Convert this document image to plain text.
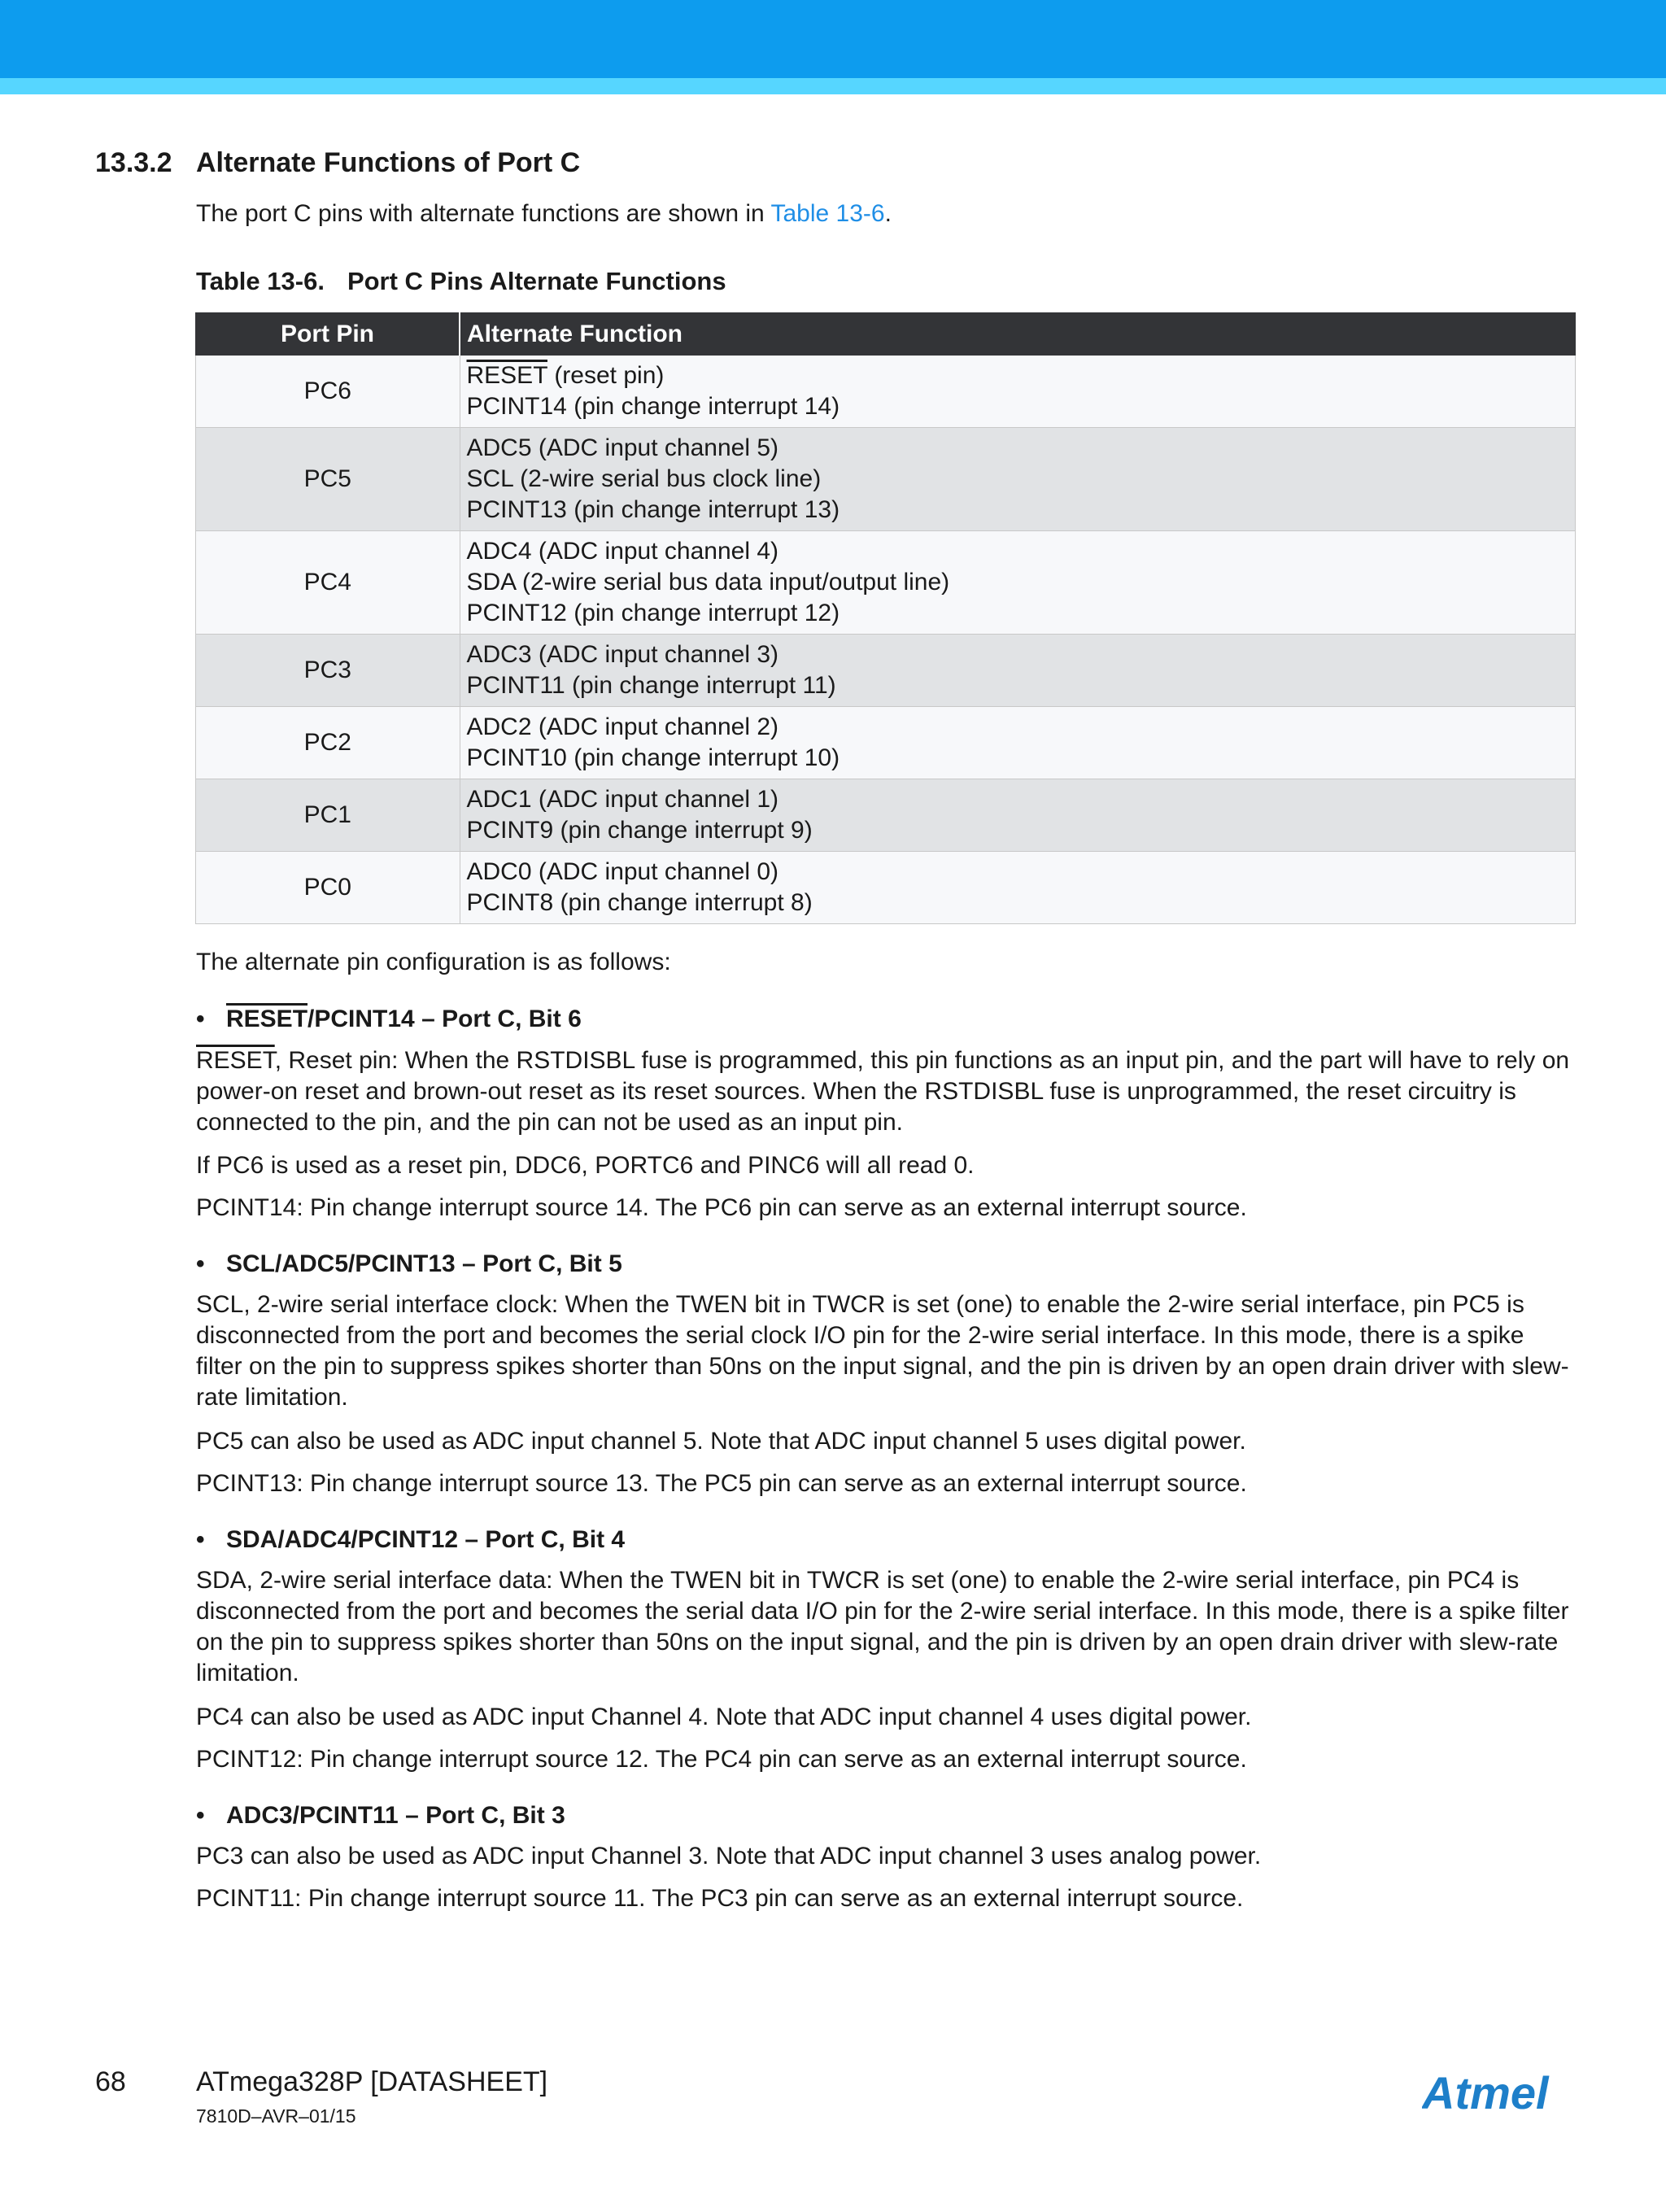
13.3.2 Alternate Functions of Port C
The port C pins with alternate functions are shown in Table 13-6.
Table 13-6. Port C Pins Alternate Functions
Port Pin	Alternate Function
PC6	RESET (reset pin)
PCINT14 (pin change interrupt 14)

PC5	ADC5 (ADC input channel 5)
SCL (2-wire serial bus clock line)
PCINT13 (pin change interrupt 13)

PC4	ADC4 (ADC input channel 4)
SDA (2-wire serial bus data input/output line)
PCINT12 (pin change interrupt 12)

PC3	ADC3 (ADC input channel 3)
PCINT11 (pin change interrupt 11)

PC2	ADC2 (ADC input channel 2)
PCINT10 (pin change interrupt 10)

PC1	ADC1 (ADC input channel 1)
PCINT9 (pin change interrupt 9)

PC0	ADC0 (ADC input channel 0)
PCINT8 (pin change interrupt 8)
The alternate pin configuration is as follows:
• RESET/PCINT14 – Port C, Bit 6
RESET, Reset pin: When the RSTDISBL fuse is programmed, this pin functions as an input pin, and the part will have to rely on power-on reset and brown-out reset as its reset sources. When the RSTDISBL fuse is unprogrammed, the reset circuitry is connected to the pin, and the pin can not be used as an input pin.
If PC6 is used as a reset pin, DDC6, PORTC6 and PINC6 will all read 0.
PCINT14: Pin change interrupt source 14. The PC6 pin can serve as an external interrupt source.
• SCL/ADC5/PCINT13 – Port C, Bit 5
SCL, 2-wire serial interface clock: When the TWEN bit in TWCR is set (one) to enable the 2-wire serial interface, pin PC5 is disconnected from the port and becomes the serial clock I/O pin for the 2-wire serial interface. In this mode, there is a spike filter on the pin to suppress spikes shorter than 50ns on the input signal, and the pin is driven by an open drain driver with slew-rate limitation.
PC5 can also be used as ADC input channel 5. Note that ADC input channel 5 uses digital power.
PCINT13: Pin change interrupt source 13. The PC5 pin can serve as an external interrupt source.
• SDA/ADC4/PCINT12 – Port C, Bit 4
SDA, 2-wire serial interface data: When the TWEN bit in TWCR is set (one) to enable the 2-wire serial interface, pin PC4 is disconnected from the port and becomes the serial data I/O pin for the 2-wire serial interface. In this mode, there is a spike filter on the pin to suppress spikes shorter than 50ns on the input signal, and the pin is driven by an open drain driver with slew-rate limitation.
PC4 can also be used as ADC input Channel 4. Note that ADC input channel 4 uses digital power.
PCINT12: Pin change interrupt source 12. The PC4 pin can serve as an external interrupt source.
• ADC3/PCINT11 – Port C, Bit 3
PC3 can also be used as ADC input Channel 3. Note that ADC input channel 3 uses analog power.
PCINT11: Pin change interrupt source 11. The PC3 pin can serve as an external interrupt source.
68	ATmega328P [DATASHEET]
7810D–AVR–01/15	Atmel
